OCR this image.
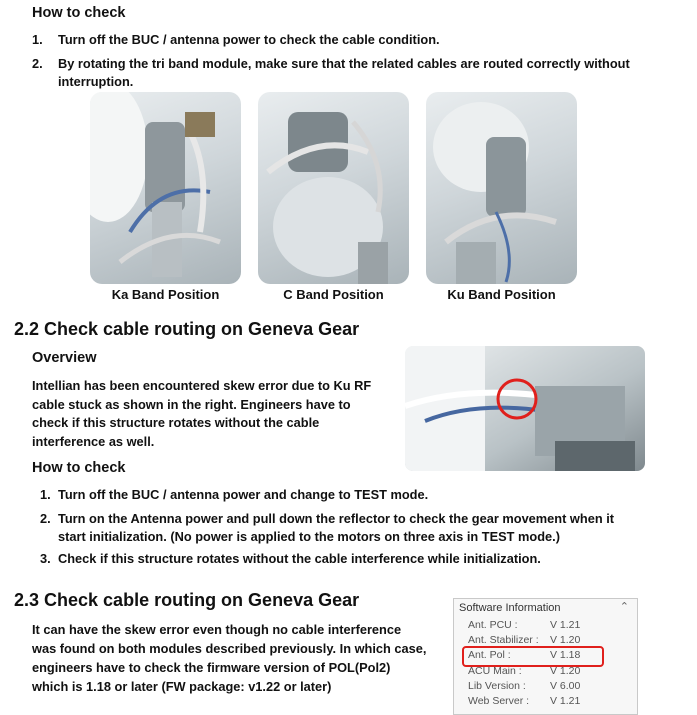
How to check
1. Turn off the BUC / antenna power to check the cable condition.
2. By rotating the tri band module, make sure that the related cables are routed correctly without
interruption.
Ka Band Position	C Band Position	Ku Band Position
2.2 Check cable routing on Geneva Gear
Overview
Intellian has been encountered skew error due to Ku RF
cable stuck as shown in the right. Engineers have to
check if this structure rotates without the cable
interference as well.
How to check
1. Turn off the BUC / antenna power and change to TEST mode.
2. Turn on the Antenna power and pull down the reflector to check the gear movement when it
start initialization. (No power is applied to the motors on three axis in TEST mode.)
3. Check if this structure rotates without the cable interference while initialization.
2.3 Check cable routing on Geneva Gear
It can have the skew error even though no cable interference
was found on both modules described previously. In which case,
engineers have to check the firmware version of POL(Pol2)
which is 1.18 or later (FW package: v1.22 or later)
Software Information	⌃
Ant. PCU :	V 1.21
Ant. Stabilizer : V 1.20
Ant. Pol :	V 1.18
ACU Main :	V 1.20
Lib Version : V 6.00
Web Server : V 1.21
